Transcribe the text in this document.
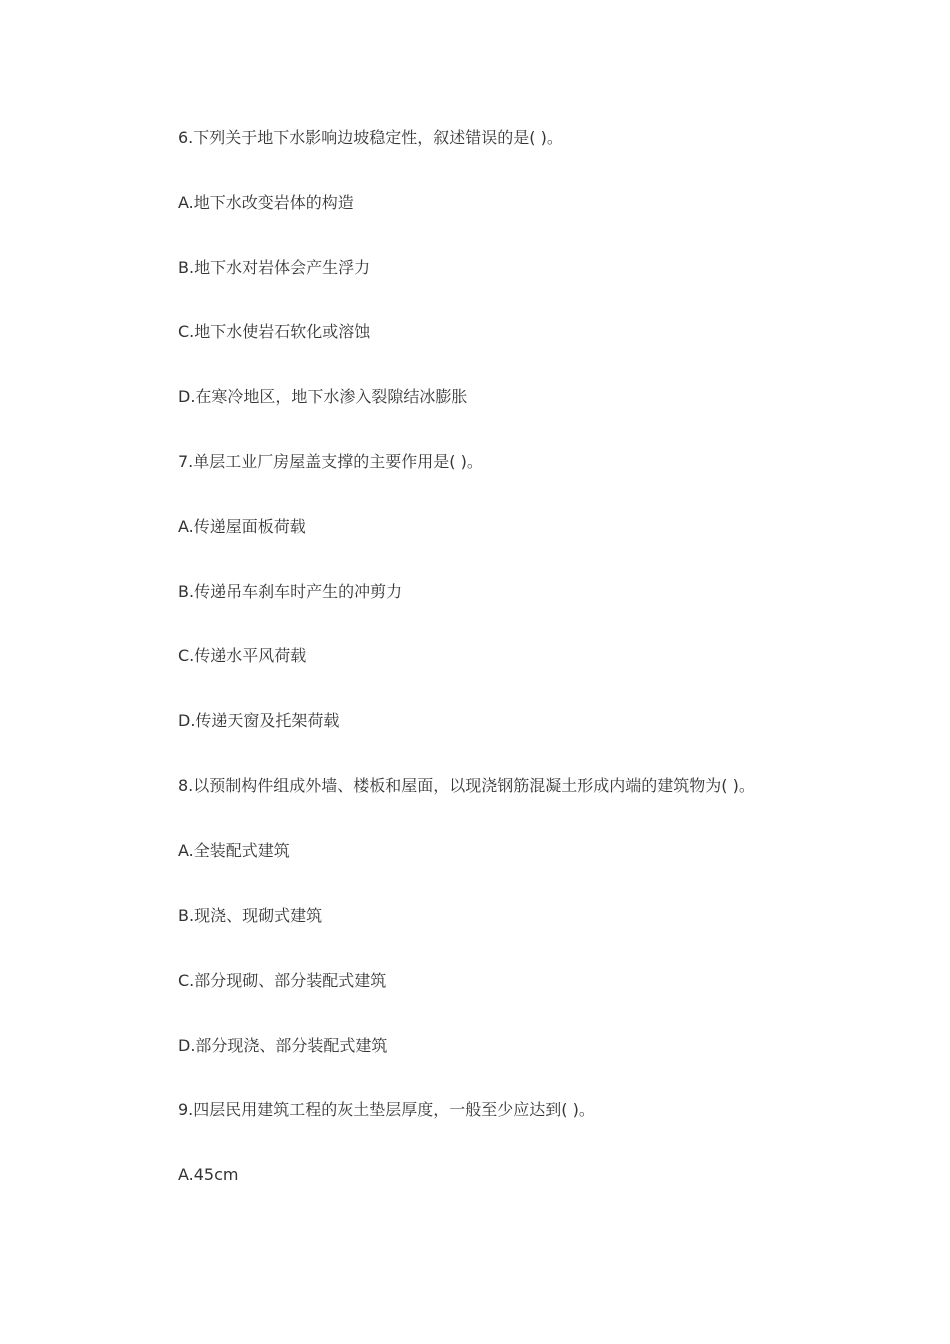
6.下列关于地下水影响边坡稳定性，叙述错误的是( )。

A.地下水改变岩体的构造

B.地下水对岩体会产生浮力

C.地下水使岩石软化或溶蚀

D.在寒冷地区，地下水渗入裂隙结冰膨胀

7.单层工业厂房屋盖支撑的主要作用是( )。

A.传递屋面板荷载

B.传递吊车刹车时产生的冲剪力

C.传递水平风荷载

D.传递天窗及托架荷载

8.以预制构件组成外墙、楼板和屋面，以现浇钢筋混凝土形成内端的建筑物为( )。

A.全装配式建筑

B.现浇、现砌式建筑

C.部分现砌、部分装配式建筑

D.部分现浇、部分装配式建筑

9.四层民用建筑工程的灰土垫层厚度，一般至少应达到( )。

A.45cm
